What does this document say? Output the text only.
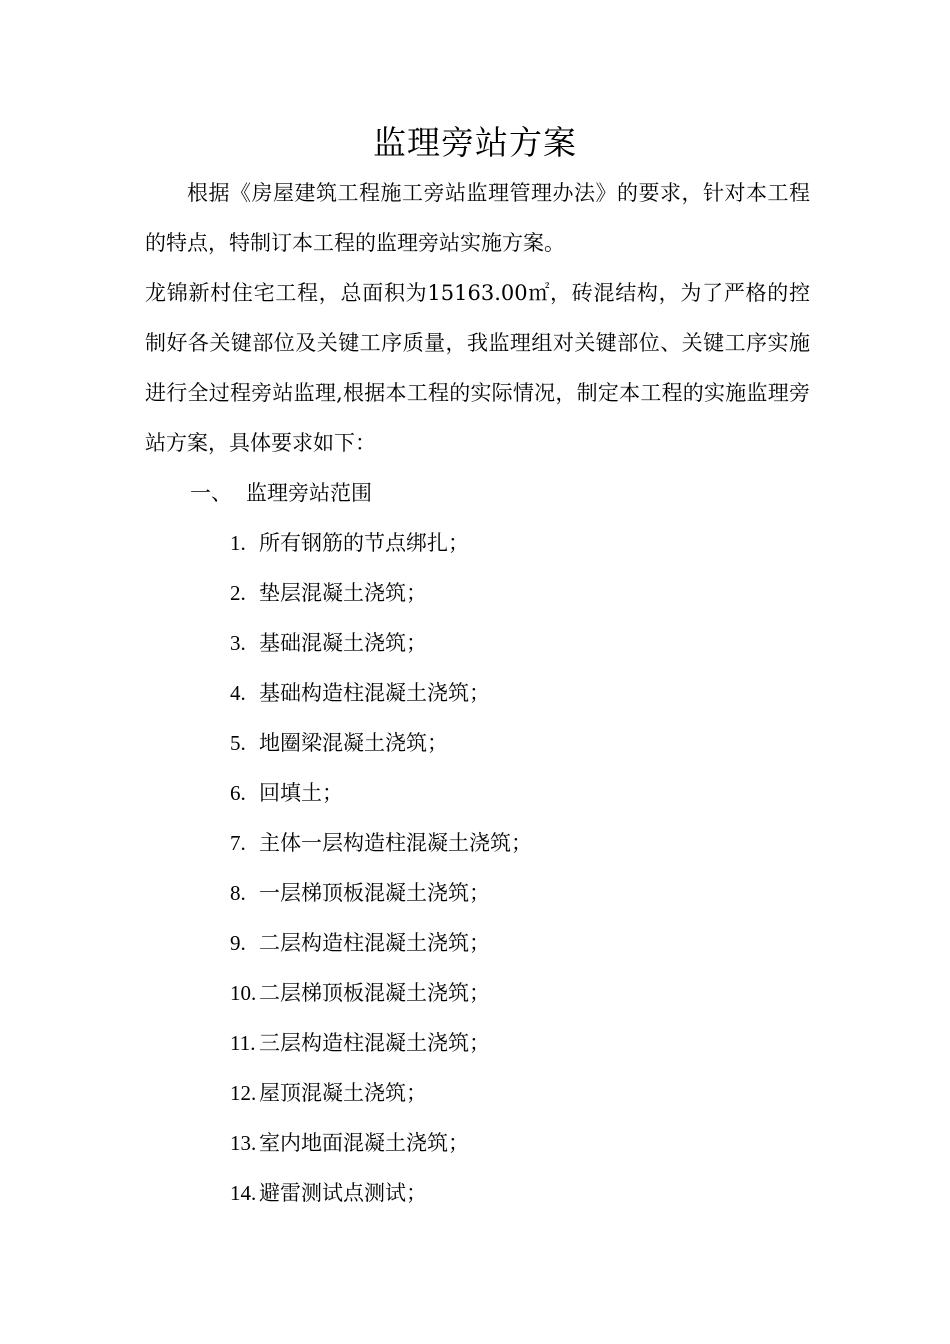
监理旁站方案

根据《房屋建筑工程施工旁站监理管理办法》的要求，针对本工程的特点，特制订本工程的监理旁站实施方案。

龙锦新村住宅工程，总面积为15163.00㎡，砖混结构，为了严格的控制好各关键部位及关键工序质量，我监理组对关键部位、关键工序实施进行全过程旁站监理,根据本工程的实际情况，制定本工程的实施监理旁站方案，具体要求如下：

一、 监理旁站范围
1. 所有钢筋的节点绑扎；
2. 垫层混凝土浇筑；
3. 基础混凝土浇筑；
4. 基础构造柱混凝土浇筑；
5. 地圈梁混凝土浇筑；
6. 回填土；
7. 主体一层构造柱混凝土浇筑；
8. 一层梯顶板混凝土浇筑；
9. 二层构造柱混凝土浇筑；
10. 二层梯顶板混凝土浇筑；
11. 三层构造柱混凝土浇筑；
12. 屋顶混凝土浇筑；
13. 室内地面混凝土浇筑；
14. 避雷测试点测试；
